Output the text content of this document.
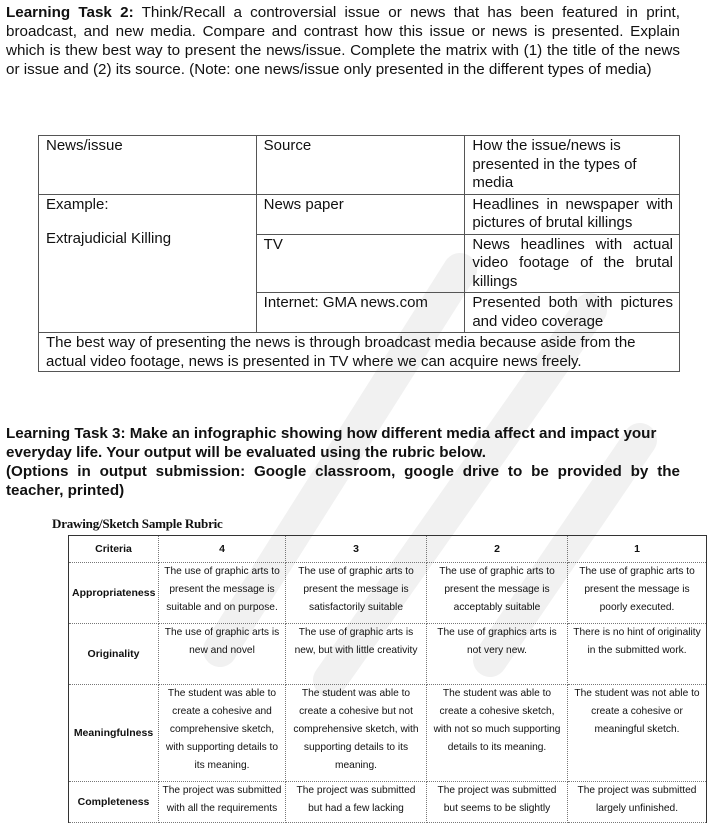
Learning Task 2: Think/Recall a controversial issue or news that has been featured in print, broadcast, and new media. Compare and contrast how this issue or news is presented. Explain which is thew best way to present the news/issue. Complete the matrix with (1) the title of the news or issue and (2) its source. (Note: one news/issue only presented in the different types of media)
News/issue	Source	How the issue/news is presented in the types of media

Example:
Extrajudicial Killing	News paper	Headlines in newspaper with pictures of brutal killings
	TV	News headlines with actual video footage of the brutal killings
	Internet: GMA news.com	Presented both with pictures and video coverage
The best way of presenting the news is through broadcast media because aside from the actual video footage, news is presented in TV where we can acquire news freely.		
Learning Task 3: Make an infographic showing how different media affect and impact your everyday life. Your output will be evaluated using the rubric below.
(Options in output submission: Google classroom, google drive to be provided by the teacher, printed)
Drawing/Sketch Sample Rubric
Criteria	4	3	2	1
Appropriateness	The use of graphic arts to present the message is suitable and on purpose.	The use of graphic arts to present the message is satisfactorily suitable	The use of graphic arts to present the message is acceptably suitable	The use of graphic arts to present the message is poorly executed.
Originality	The use of graphic arts is new and novel	The use of graphic arts is new, but with little creativity	The use of graphics arts is not very new.	There is no hint of originality in the submitted work.
Meaningfulness	The student was able to create a cohesive and comprehensive sketch, with supporting details to its meaning.	The student was able to create a cohesive but not comprehensive sketch, with supporting details to its meaning.	The student was able to create a cohesive sketch, with not so much supporting details to its meaning.	The student was not able to create a cohesive or meaningful sketch.
Completeness	The project was submitted with all the requirements	The project was submitted but had a few lacking	The project was submitted but seems to be slightly	The project was submitted largely unfinished.
